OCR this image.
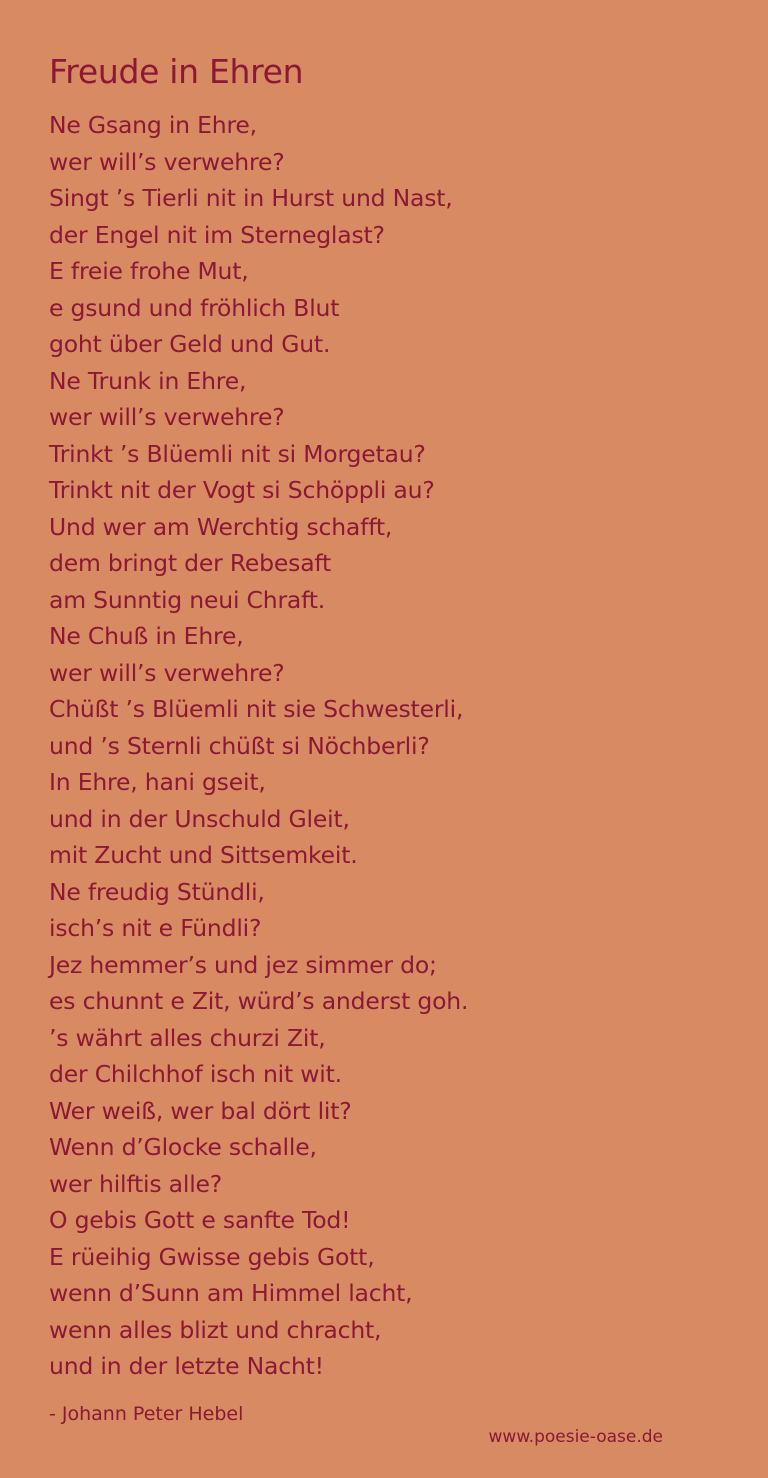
Freude in Ehren
Ne Gsang in Ehre,
wer will’s verwehre?
Singt ’s Tierli nit in Hurst und Nast,
der Engel nit im Sterneglast?
E freie frohe Mut,
e gsund und fröhlich Blut
goht über Geld und Gut.
Ne Trunk in Ehre,
wer will’s verwehre?
Trinkt ’s Blüemli nit si Morgetau?
Trinkt nit der Vogt si Schöppli au?
Und wer am Werchtig schafft,
dem bringt der Rebesaft
am Sunntig neui Chraft.
Ne Chuß in Ehre,
wer will’s verwehre?
Chüßt ’s Blüemli nit sie Schwesterli,
und ’s Sternli chüßt si Nöchberli?
In Ehre, hani gseit,
und in der Unschuld Gleit,
mit Zucht und Sittsemkeit.
Ne freudig Stündli,
isch’s nit e Fündli?
Jez hemmer’s und jez simmer do;
es chunnt e Zit, würd’s anderst goh.
’s währt alles churzi Zit,
der Chilchhof isch nit wit.
Wer weiß, wer bal dört lit?
Wenn d’Glocke schalle,
wer hilftis alle?
O gebis Gott e sanfte Tod!
E rüeihig Gwisse gebis Gott,
wenn d’Sunn am Himmel lacht,
wenn alles blizt und chracht,
und in der letzte Nacht!
- Johann Peter Hebel
www.poesie-oase.de
